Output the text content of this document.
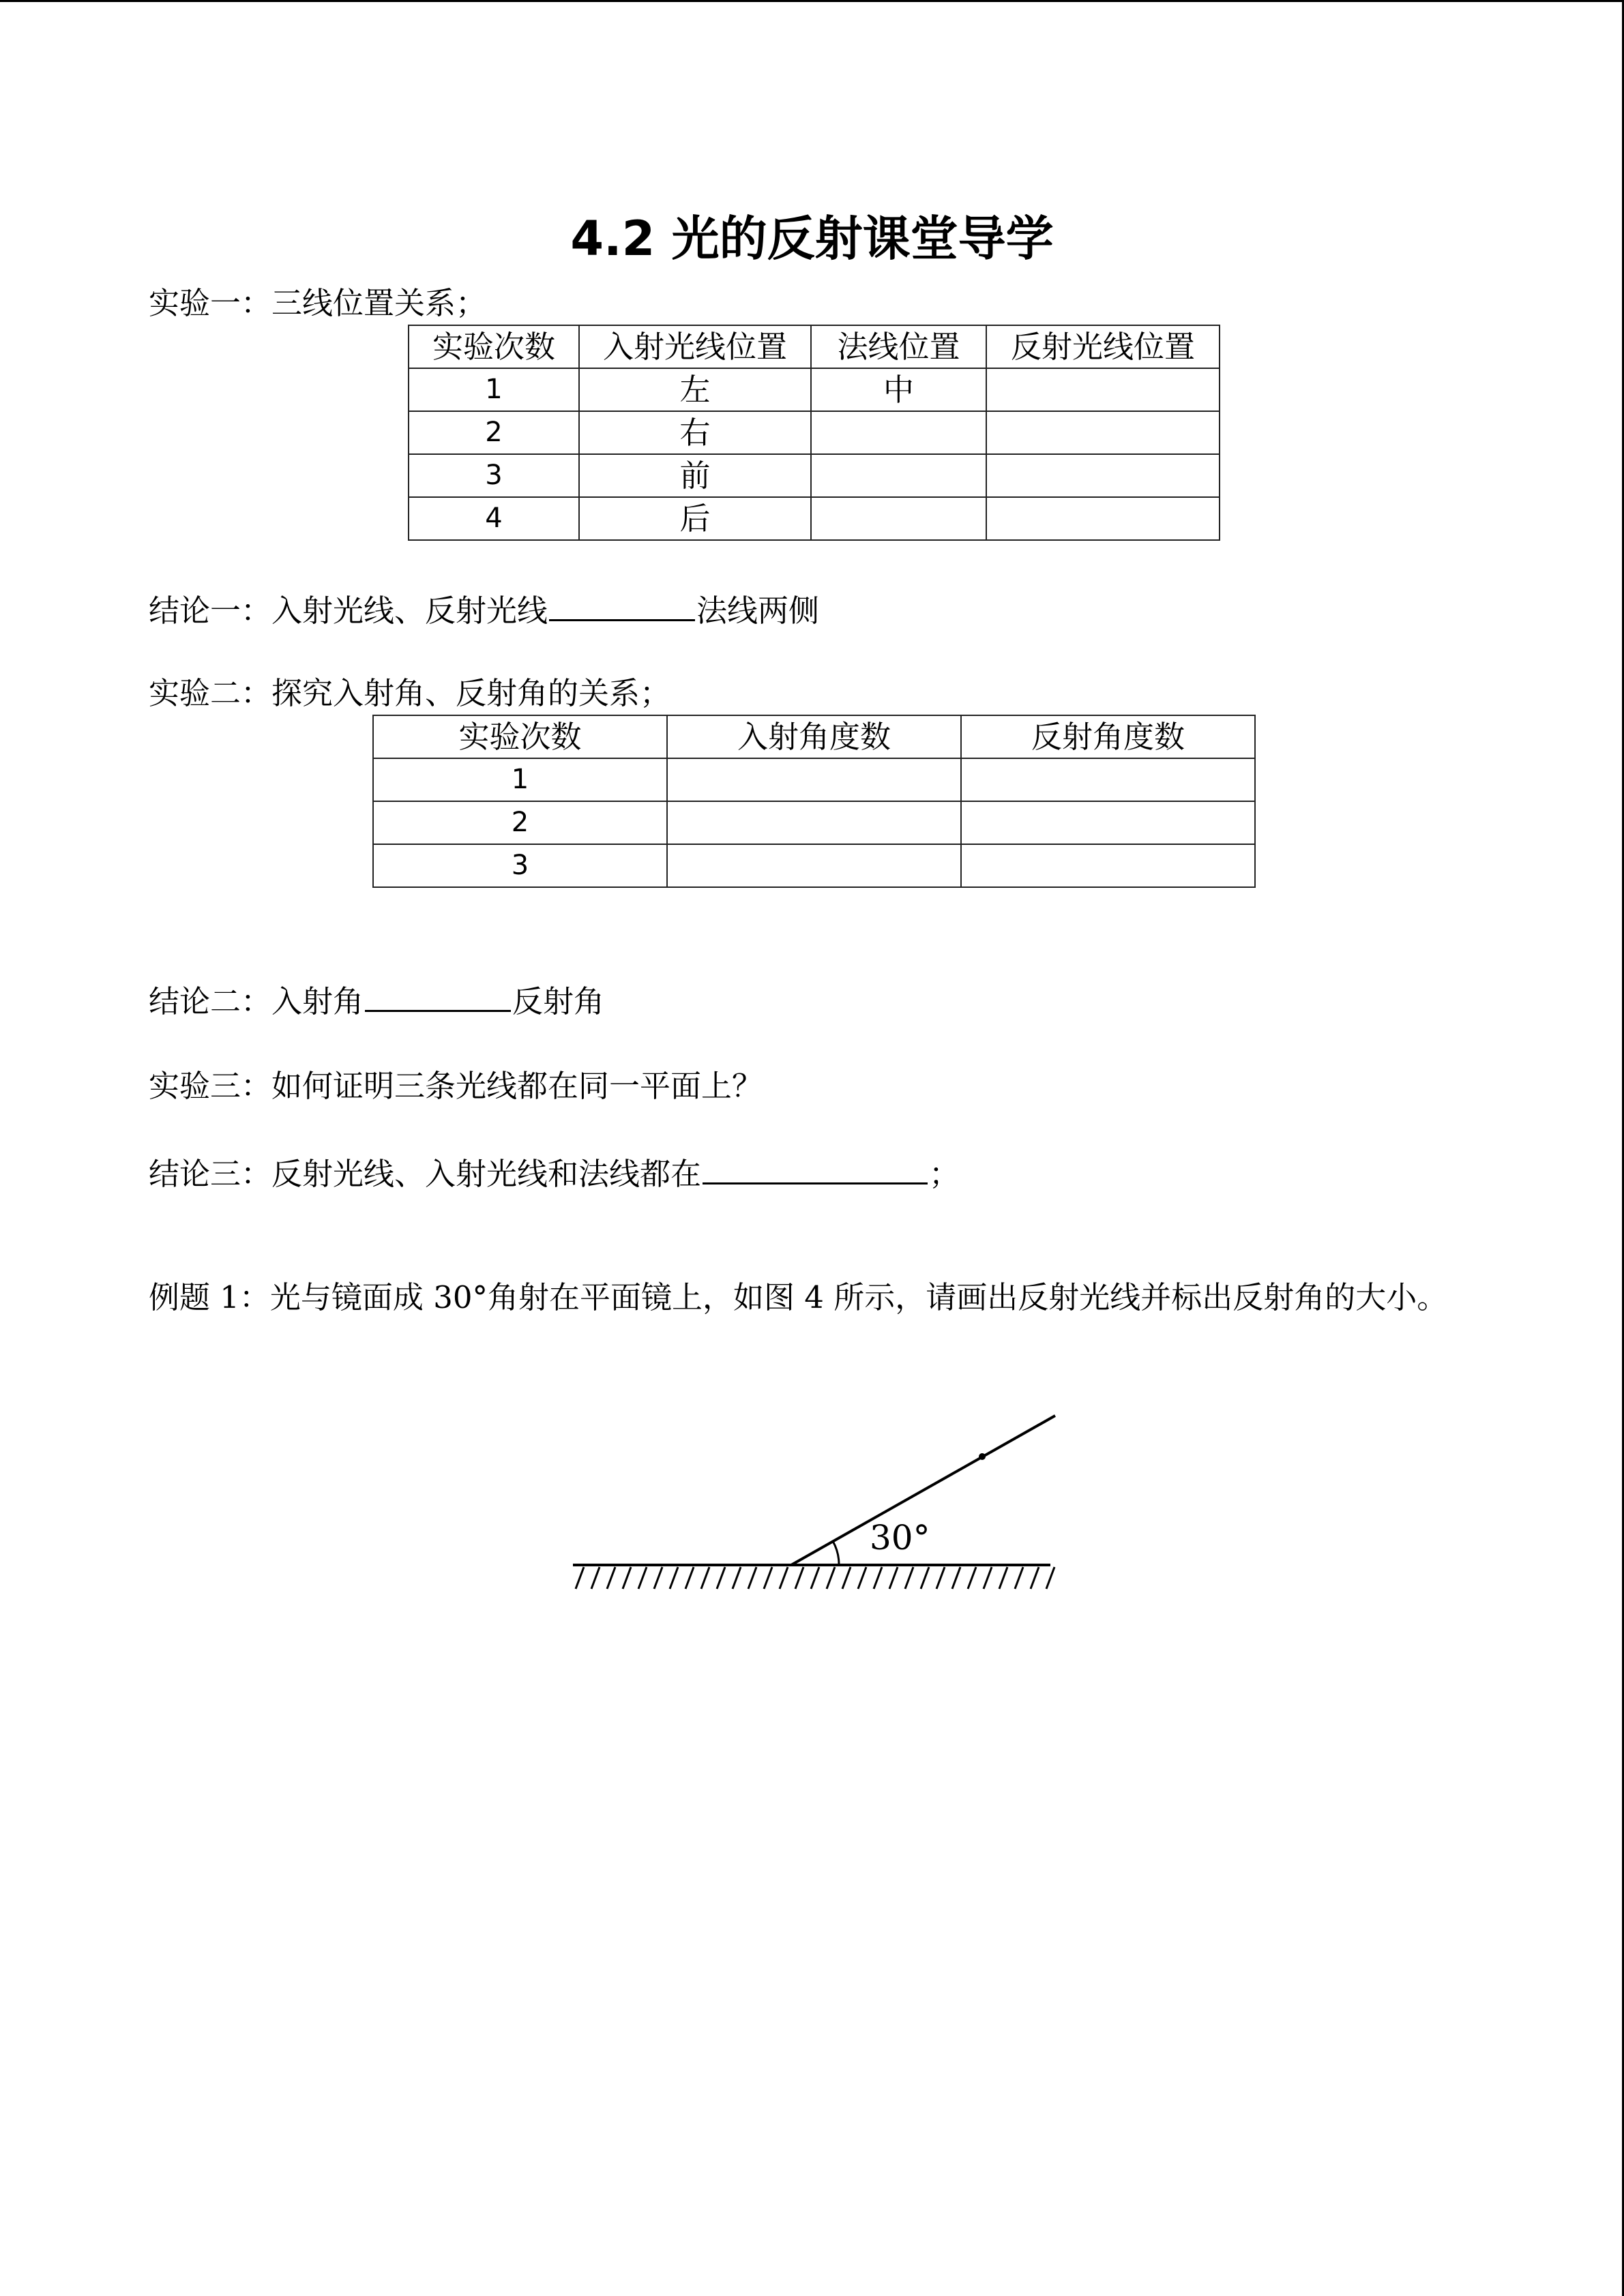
4.2 光的反射课堂导学
实验一：三线位置关系；
实验次数	入射光线位置	法线位置	反射光线位置
1	左	中	
2	右		
3	前		
4	后		
结论一：入射光线、反射光线	法线两侧
实验二：探究入射角、反射角的关系；
实验次数	入射角度数	反射角度数
1		
2		
3		
结论二：入射角	反射角
实验三：如何证明三条光线都在同一平面上？
结论三：反射光线、入射光线和法线都在	；
例题 1：光与镜面成 30°角射在平面镜上，如图 4 所示，请画出反射光线并标出反射角的大小。
30°
